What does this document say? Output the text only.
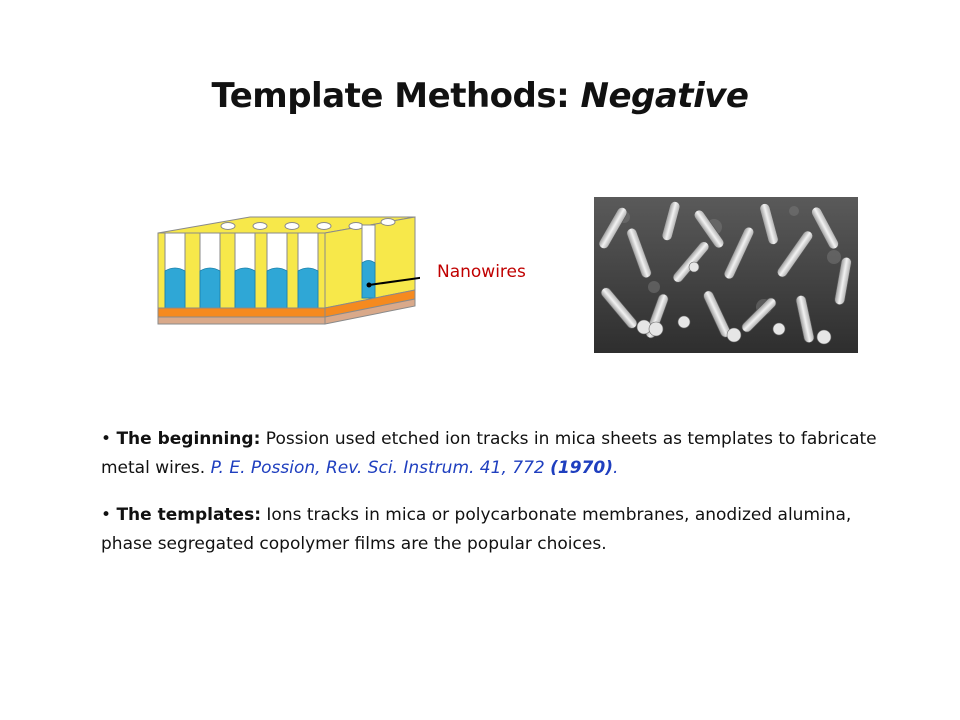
Template Methods: Negative
Nanowires

• The beginning: Possion used etched ion tracks in mica sheets as templates to fabricate metal wires. P. E. Possion, Rev. Sci. Instrum. 41, 772 (1970).

• The templates: Ions tracks in mica or polycarbonate membranes, anodized alumina, phase segregated copolymer films are the popular choices.
